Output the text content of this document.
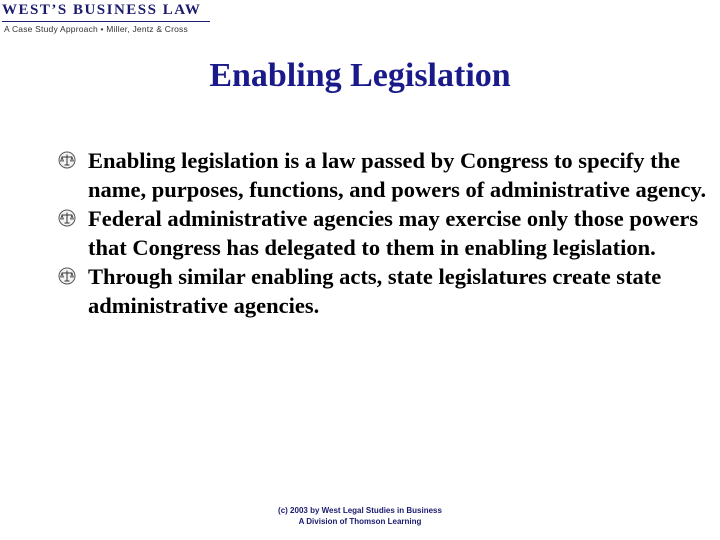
WEST’S BUSINESS LAW
A Case Study Approach • Miller, Jentz & Cross
Enabling Legislation
Enabling legislation is a law passed by Congress to specify the name, purposes, functions, and powers of administrative agency.
Federal administrative agencies may exercise only those powers that Congress has delegated to them in enabling legislation.
Through similar enabling acts, state legislatures create state administrative agencies.
(c) 2003 by West Legal Studies in Business
A Division of Thomson Learning
